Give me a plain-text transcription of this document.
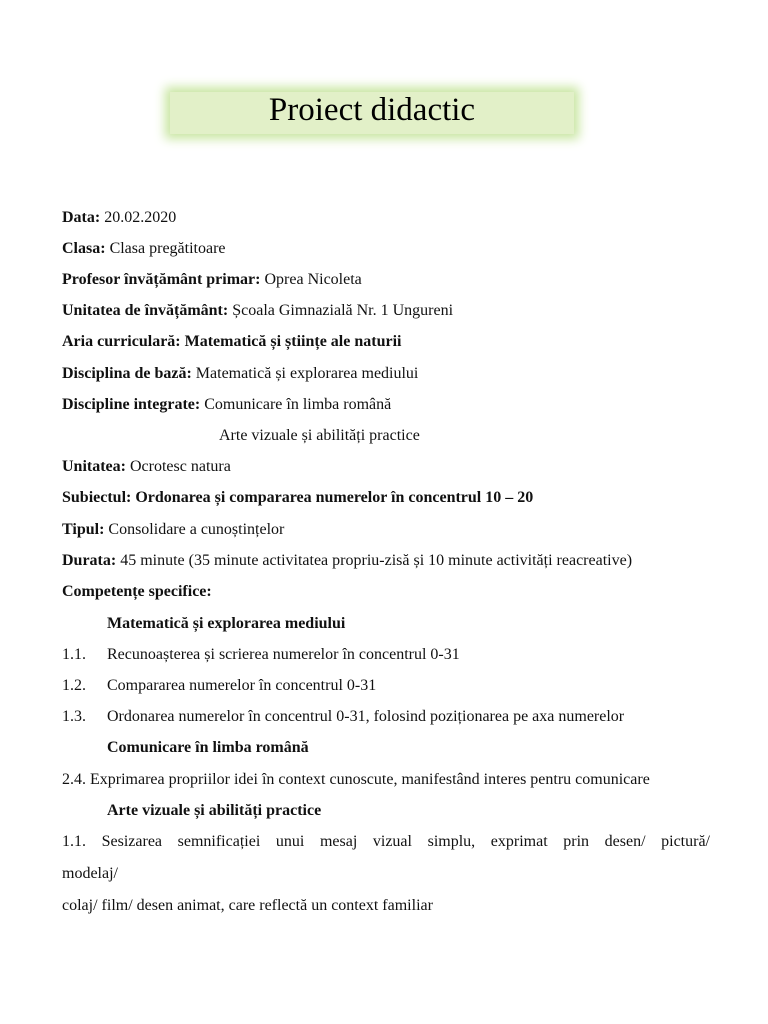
Proiect didactic
Data: 20.02.2020
Clasa: Clasa pregătitoare
Profesor învățământ primar: Oprea Nicoleta
Unitatea de învățământ: Școala Gimnazială Nr. 1 Ungureni
Aria curriculară: Matematică și științe ale naturii
Disciplina de bază: Matematică și explorarea mediului
Discipline integrate: Comunicare în limba română
Arte vizuale și abilități practice
Unitatea: Ocrotesc natura
Subiectul: Ordonarea și compararea numerelor în concentrul 10 – 20
Tipul: Consolidare a cunoștințelor
Durata: 45 minute (35 minute activitatea propriu-zisă și 10 minute activități reacreative)
Competențe specifice:
Matematică și explorarea mediului
1.1. Recunoașterea și scrierea numerelor în concentrul 0-31
1.2. Compararea numerelor în concentrul 0-31
1.3. Ordonarea numerelor în concentrul 0-31, folosind poziționarea pe axa numerelor
Comunicare în limba română
2.4. Exprimarea propriilor idei în context cunoscute, manifestând interes pentru comunicare
Arte vizuale și abilități practice
1.1. Sesizarea semnificației unui mesaj vizual simplu, exprimat prin desen/ pictură/
modelaj/
colaj/ film/ desen animat, care reflectă un context familiar
